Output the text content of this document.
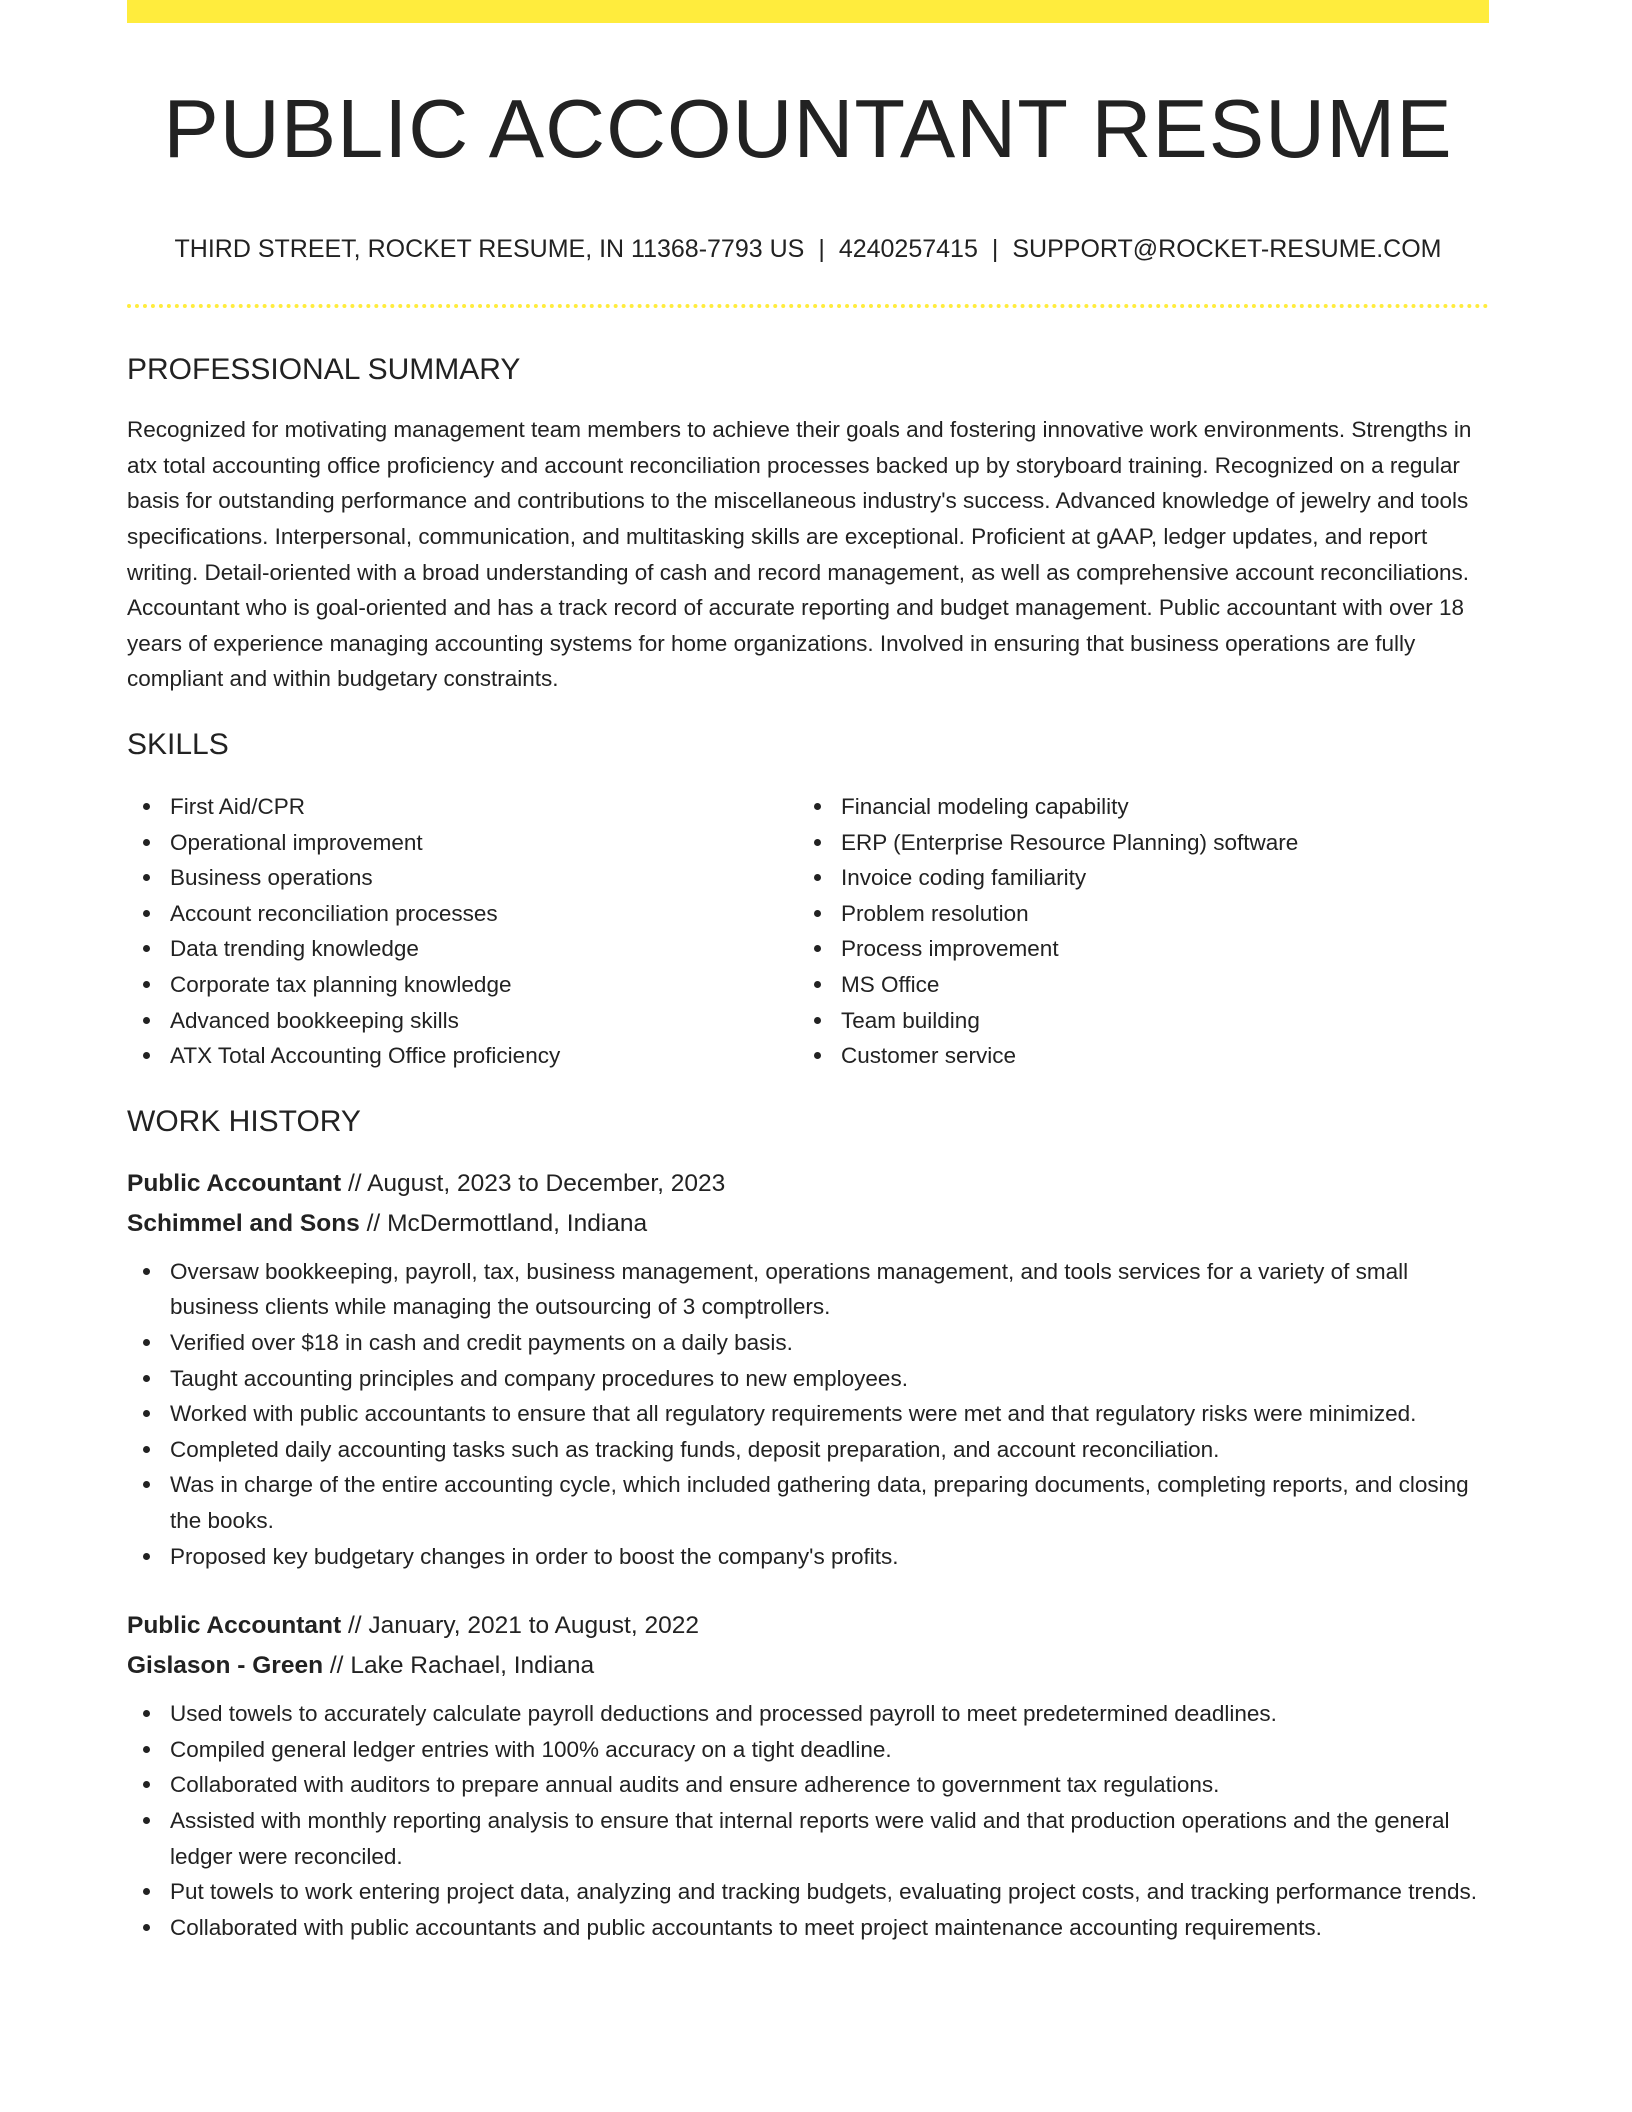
PUBLIC ACCOUNTANT RESUME
THIRD STREET, ROCKET RESUME, IN 11368-7793 US | 4240257415 | SUPPORT@ROCKET-RESUME.COM
PROFESSIONAL SUMMARY

Recognized for motivating management team members to achieve their goals and fostering innovative work environments. Strengths in atx total accounting office proficiency and account reconciliation processes backed up by storyboard training. Recognized on a regular basis for outstanding performance and contributions to the miscellaneous industry's success. Advanced knowledge of jewelry and tools specifications. Interpersonal, communication, and multitasking skills are exceptional. Proficient at gAAP, ledger updates, and report writing. Detail-oriented with a broad understanding of cash and record management, as well as comprehensive account reconciliations. Accountant who is goal-oriented and has a track record of accurate reporting and budget management. Public accountant with over 18 years of experience managing accounting systems for home organizations. Involved in ensuring that business operations are fully compliant and within budgetary constraints.

SKILLS
First Aid/CPR
Operational improvement
Business operations
Account reconciliation processes
Data trending knowledge
Corporate tax planning knowledge
Advanced bookkeeping skills
ATX Total Accounting Office proficiency
Financial modeling capability
ERP (Enterprise Resource Planning) software
Invoice coding familiarity
Problem resolution
Process improvement
MS Office
Team building
Customer service
WORK HISTORY
Public Accountant // August, 2023 to December, 2023
Schimmel and Sons // McDermottland, Indiana
Oversaw bookkeeping, payroll, tax, business management, operations management, and tools services for a variety of small business clients while managing the outsourcing of 3 comptrollers.
Verified over $18 in cash and credit payments on a daily basis.
Taught accounting principles and company procedures to new employees.
Worked with public accountants to ensure that all regulatory requirements were met and that regulatory risks were minimized.
Completed daily accounting tasks such as tracking funds, deposit preparation, and account reconciliation.
Was in charge of the entire accounting cycle, which included gathering data, preparing documents, completing reports, and closing the books.
Proposed key budgetary changes in order to boost the company's profits.
Public Accountant // January, 2021 to August, 2022
Gislason - Green // Lake Rachael, Indiana
Used towels to accurately calculate payroll deductions and processed payroll to meet predetermined deadlines.
Compiled general ledger entries with 100% accuracy on a tight deadline.
Collaborated with auditors to prepare annual audits and ensure adherence to government tax regulations.
Assisted with monthly reporting analysis to ensure that internal reports were valid and that production operations and the general ledger were reconciled.
Put towels to work entering project data, analyzing and tracking budgets, evaluating project costs, and tracking performance trends.
Collaborated with public accountants and public accountants to meet project maintenance accounting requirements.
